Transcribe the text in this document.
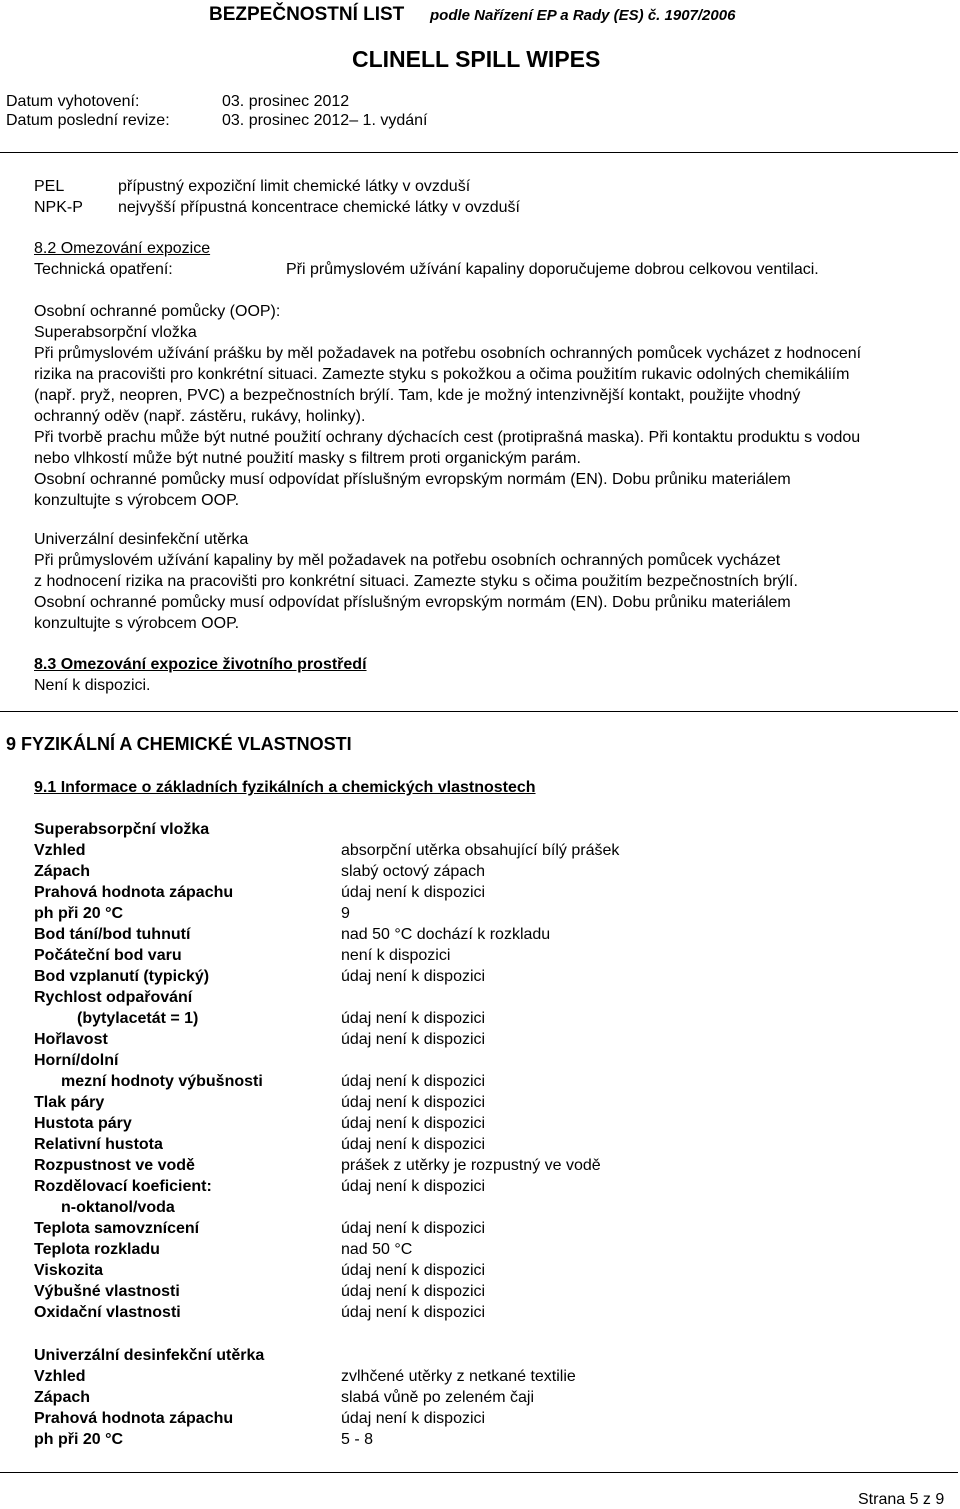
BEZPEČNOSTNÍ LIST podle Nařízení EP a Rady (ES) č. 1907/2006
CLINELL SPILL WIPES
Datum vyhotovení:	03. prosinec 2012
Datum poslední revize:	03. prosinec 2012– 1. vydání
PEL	přípustný expoziční limit chemické látky v ovzduší
NPK-P nejvyšší přípustná koncentrace chemické látky v ovzduší
8.2 Omezování expozice
Technická opatření:	Při průmyslovém užívání kapaliny doporučujeme dobrou celkovou ventilaci.
Osobní ochranné pomůcky (OOP):
Superabsorpční vložka
Při průmyslovém užívání prášku by měl požadavek na potřebu osobních ochranných pomůcek vycházet z hodnocení
rizika na pracovišti pro konkrétní situaci. Zamezte styku s pokožkou a očima použitím rukavic odolných chemikáliím
(např. pryž, neopren, PVC) a bezpečnostních brýlí. Tam, kde je možný intenzivnější kontakt, použijte vhodný
ochranný oděv (např. zástěru, rukávy, holinky).
Při tvorbě prachu může být nutné použití ochrany dýchacích cest (protiprašná maska). Při kontaktu produktu s vodou
nebo vlhkostí může být nutné použití masky s filtrem proti organickým parám.
Osobní ochranné pomůcky musí odpovídat příslušným evropským normám (EN). Dobu průniku materiálem
konzultujte s výrobcem OOP.
Univerzální desinfekční utěrka
Při průmyslovém užívání kapaliny by měl požadavek na potřebu osobních ochranných pomůcek vycházet
z hodnocení rizika na pracovišti pro konkrétní situaci. Zamezte styku s očima použitím bezpečnostních brýlí.
Osobní ochranné pomůcky musí odpovídat příslušným evropským normám (EN). Dobu průniku materiálem
konzultujte s výrobcem OOP.
8.3 Omezování expozice životního prostředí
Není k dispozici.
9 FYZIKÁLNÍ A CHEMICKÉ VLASTNOSTI
9.1 Informace o základních fyzikálních a chemických vlastnostech
Superabsorpční vložka
Vzhled	absorpční utěrka obsahující bílý prášek
Zápach	slabý octový zápach
Prahová hodnota zápachu	údaj není k dispozici
ph při 20 °C	9
Bod tání/bod tuhnutí	nad 50 °C dochází k rozkladu
Počáteční bod varu	není k dispozici
Bod vzplanutí (typický)	údaj není k dispozici
Rychlost odpařování
(bytylacetát = 1)	údaj není k dispozici
Hořlavost	údaj není k dispozici
Horní/dolní
mezní hodnoty výbušnosti	údaj není k dispozici
Tlak páry	údaj není k dispozici
Hustota páry	údaj není k dispozici
Relativní hustota	údaj není k dispozici
Rozpustnost ve vodě	prášek z utěrky je rozpustný ve vodě
Rozdělovací koeficient:	údaj není k dispozici
n-oktanol/voda
Teplota samovznícení	údaj není k dispozici
Teplota rozkladu	nad 50 °C
Viskozita	údaj není k dispozici
Výbušné vlastnosti	údaj není k dispozici
Oxidační vlastnosti	údaj není k dispozici
Univerzální desinfekční utěrka
Vzhled	zvlhčené utěrky z netkané textilie
Zápach	slabá vůně po zeleném čaji
Prahová hodnota zápachu	údaj není k dispozici
ph při 20 °C	5 - 8
Strana 5 z 9
